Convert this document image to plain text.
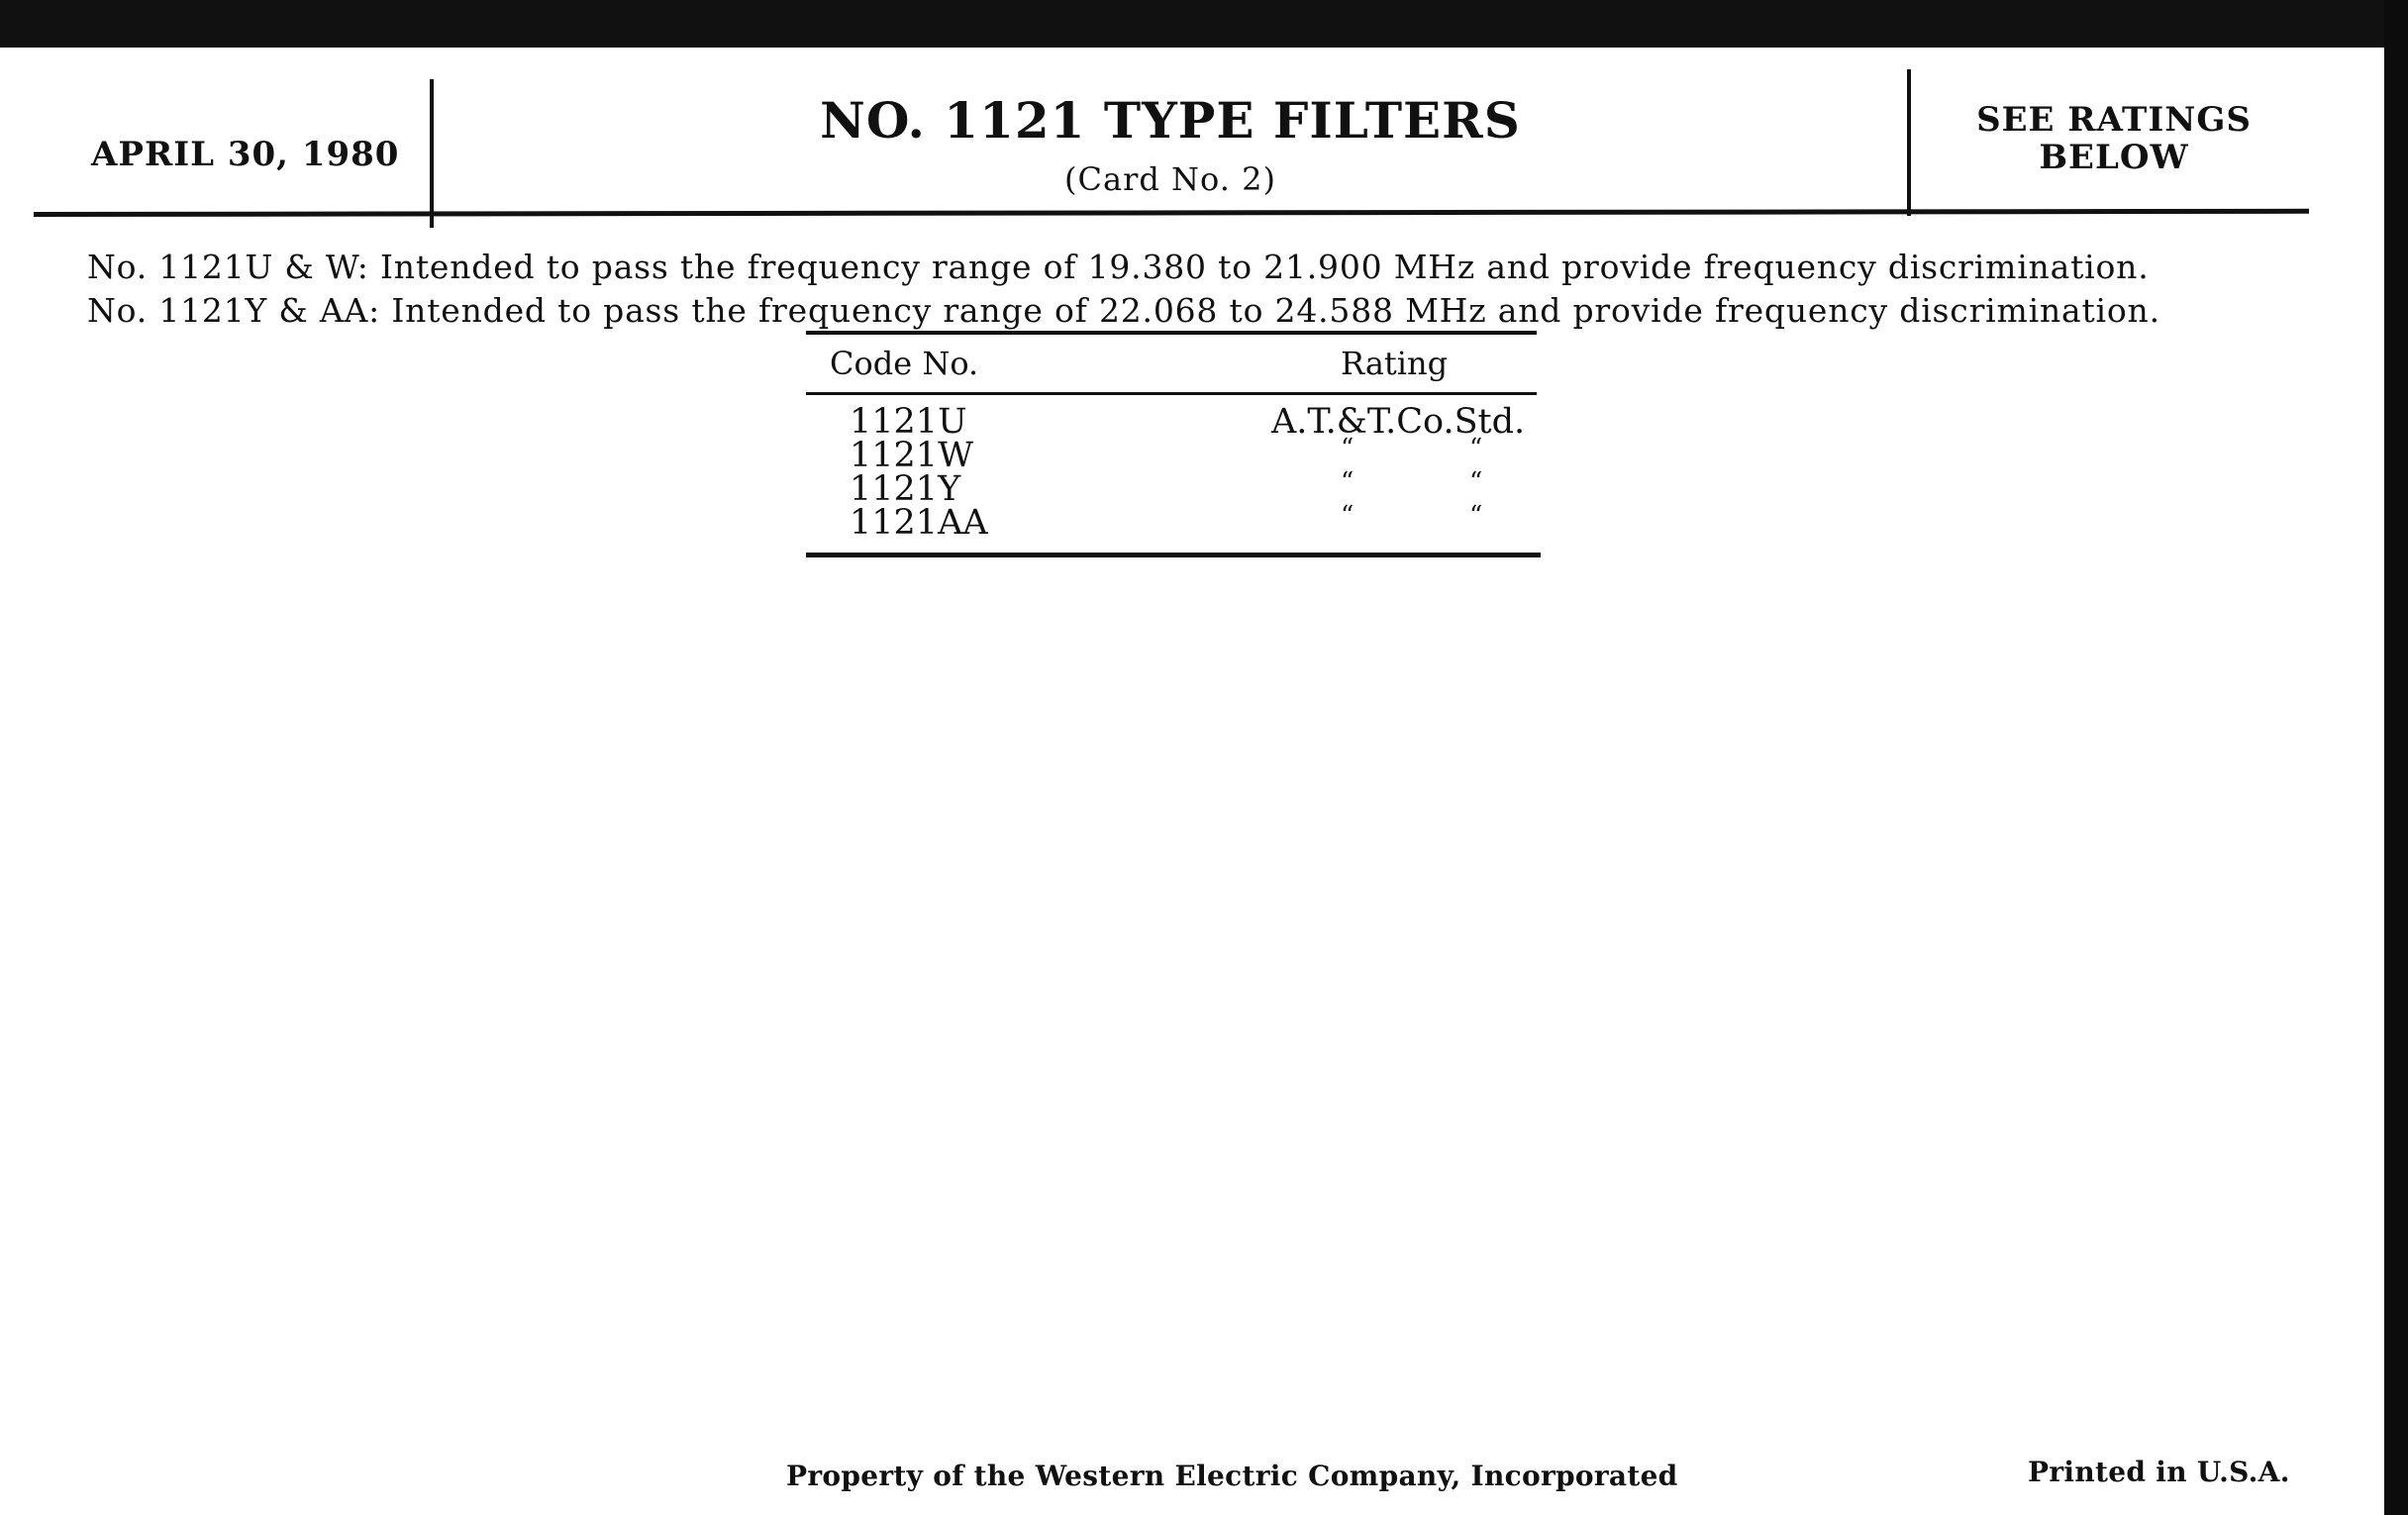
APRIL 30, 1980
NO. 1121 TYPE FILTERS
(Card No. 2)
SEE RATINGS
BELOW
No. 1121U & W: Intended to pass the frequency range of 19.380 to 21.900 MHz and provide frequency discrimination.
No. 1121Y & AA: Intended to pass the frequency range of 22.068 to 24.588 MHz and provide frequency discrimination.
Code No.	Rating
1121U	A.T.&T.Co.Std.
1121W	“	“
1121Y	“	“
1121AA	“	“
Property of the Western Electric Company, Incorporated	Printed in U.S.A.
